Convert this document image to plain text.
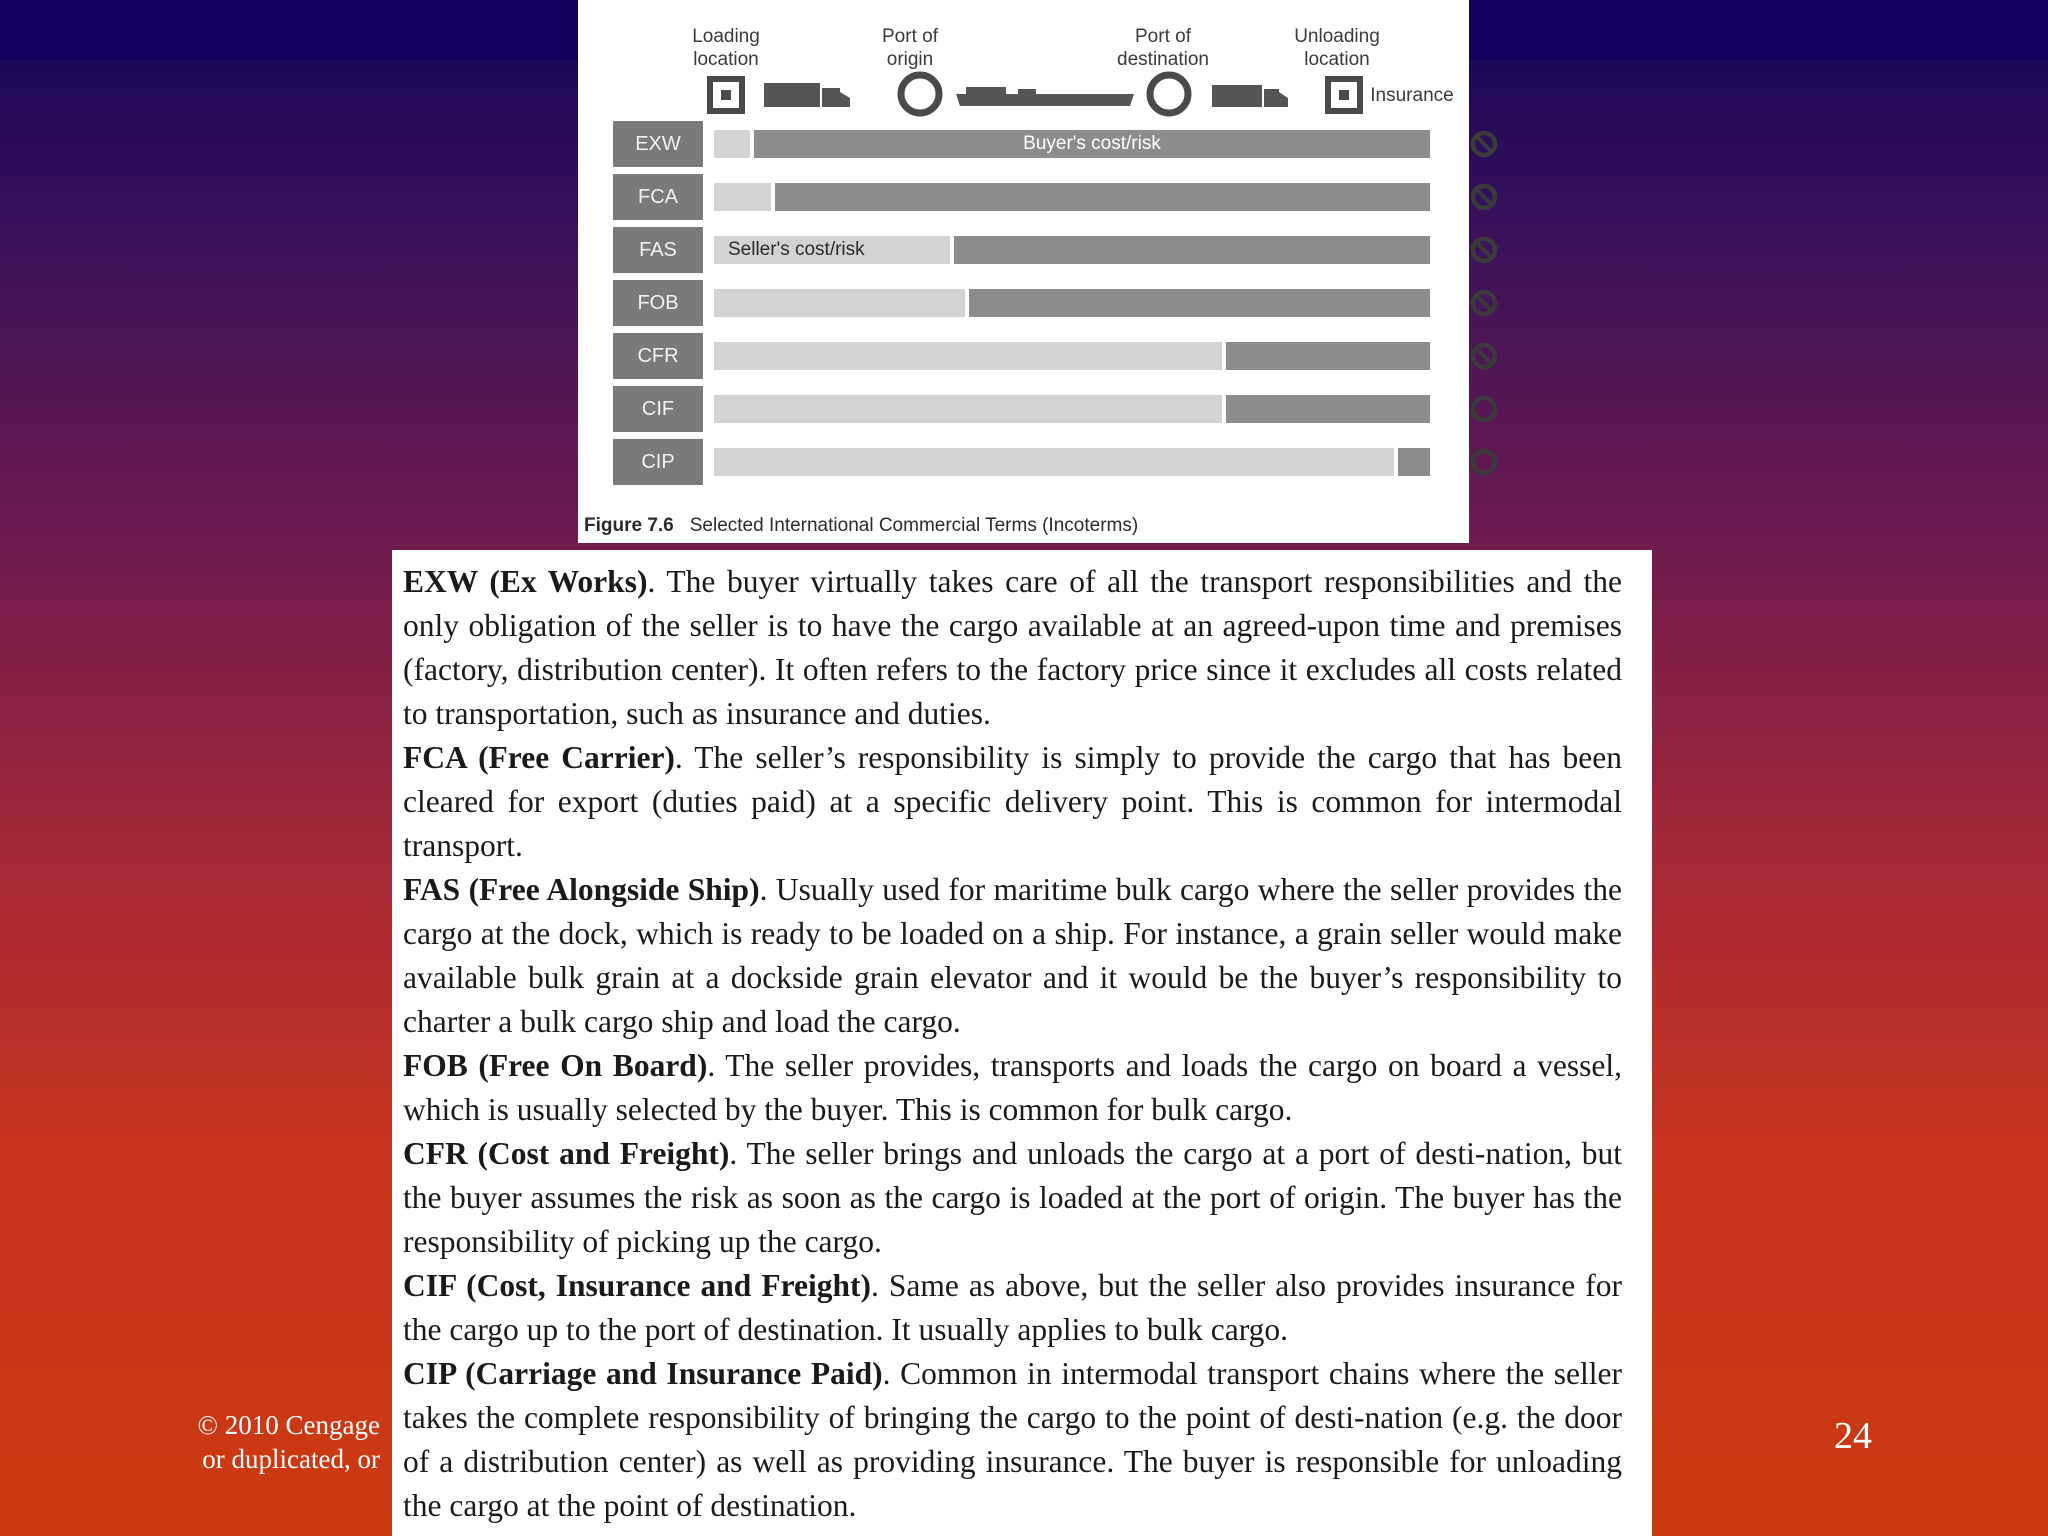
Loading
location
Port of
origin
Port of
destination
Unloading
location
Insurance
EXW	Buyer's cost/risk
FCA
FAS	Seller's cost/risk
FOB
CFR
CIF
CIP
Figure 7.6 Selected International Commercial Terms (Incoterms)

EXW (Ex Works). The buyer virtually takes care of all the transport responsibilities and the only obligation of the seller is to have the cargo available at an agreed-upon time and premises (factory, distribution center). It often refers to the factory price since it excludes all costs related to transportation, such as insurance and duties.

FCA (Free Carrier). The seller’s responsibility is simply to provide the cargo that has been cleared for export (duties paid) at a specific delivery point. This is common for intermodal transport.

FAS (Free Alongside Ship). Usually used for maritime bulk cargo where the seller provides the cargo at the dock, which is ready to be loaded on a ship. For instance, a grain seller would make available bulk grain at a dockside grain elevator and it would be the buyer’s responsibility to charter a bulk cargo ship and load the cargo.

FOB (Free On Board). The seller provides, transports and loads the cargo on board a vessel, which is usually selected by the buyer. This is common for bulk cargo.

CFR (Cost and Freight). The seller brings and unloads the cargo at a port of desti-nation, but the buyer assumes the risk as soon as the cargo is loaded at the port of origin. The buyer has the responsibility of picking up the cargo.

CIF (Cost, Insurance and Freight). Same as above, but the seller also provides insurance for the cargo up to the port of destination. It usually applies to bulk cargo.

CIP (Carriage and Insurance Paid). Common in intermodal transport chains where the seller takes the complete responsibility of bringing the cargo to the point of desti-nation (e.g. the door of a distribution center) as well as providing insurance. The buyer is responsible for unloading the cargo at the point of destination.

© 2010 Cengage
or duplicated, or
24
